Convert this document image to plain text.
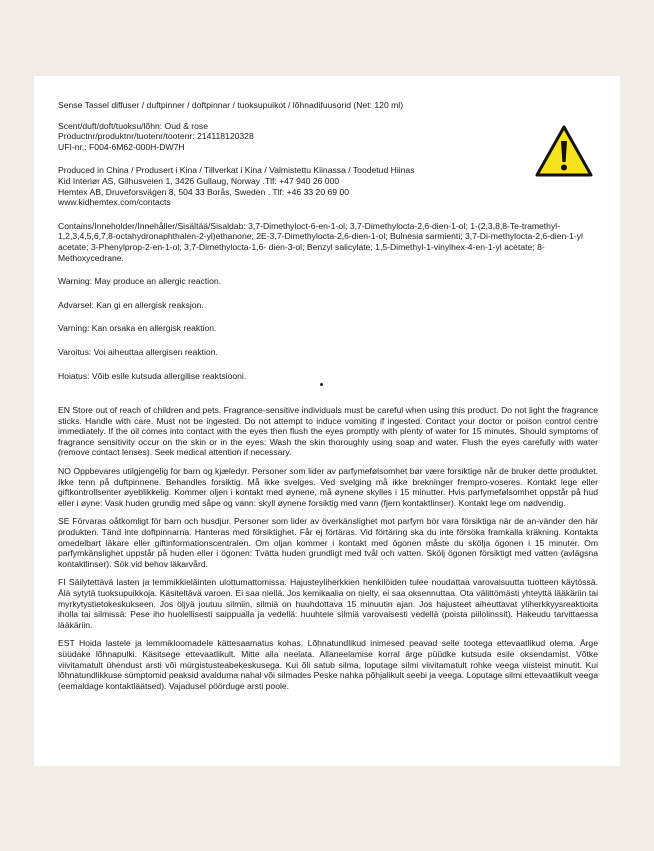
Sense Tassel diffuser / duftpinner / doftpinnar / tuoksupuikot / lõhnadifuusorid (Net: 120 ml)

Scent/duft/doft/tuoksu/lõhn: Oud & rose

Productnr/produktnr/tuotenr/tootenr: 214118120328

UFI-nr.: F004-6M62-000H-DW7H

Produced in China / Produsert i Kina / Tillverkat i Kina / Valmistettu Kiinassa / Toodetud Hiinas

Kid Interiør AS, Gilhusveien 1, 3426 Gullaug, Norway .Tlf: +47 940 26 000

Hemtex AB, Druveforsvägen 8, 504 33 Borås, Sweden . Tlf: +46 33 20 69 00

www.kidhemtex.com/contacts

Contains/Inneholder/Innehåller/Sisältää/Sisaldab: 3,7-Dimethyloct-6-en-1-ol; 3,7-Dimethylocta-2,6-dien-1-ol; 1-(2,3,8,8-Te-tramethyl-1,2,3,4,5,6,7,8-octahydronaphthalen-2-yl)ethanone; 2E-3,7-Dimethylocta-2,6-dien-1-ol; Bulnesia sarmienti; 3,7-Di-methylocta-2,6-dien-1-yl acetate; 3-Phenylprop-2-en-1-ol; 3,7-Dimethylocta-1,6- dien-3-ol; Benzyl salicylate; 1,5-Dimethyl-1-vinylhex-4-en-1-yl acetate; 8-Methoxycedrane.

Warning: May produce an allergic reaction.

Advarsel: Kan gi en allergisk reaksjon.

Varning: Kan orsaka en allergisk reaktion.

Varoitus: Voi aiheuttaa allergisen reaktion.

Hoiatus: Võib esile kutsuda allergilise reaktsiooni.

EN Store out of reach of children and pets. Fragrance-sensitive individuals must be careful when using this product. Do not light the fragrance sticks. Handle with care. Must not be ingested. Do not attempt to induce vomiting if ingested. Contact your doctor or poison control centre immediately. If the oil comes into contact with the eyes then flush the eyes promptly with plenty of water for 15 minutes. Should symptoms of fragrance sensitivity occur on the skin or in the eyes: Wash the skin thoroughly using soap and water. Flush the eyes carefully with water (remove contact lenses). Seek medical attention if necessary.

NO Oppbevares utilgjengelig for barn og kjæledyr. Personer som lider av parfymefølsomhet bør være forsiktige når de bruker dette produktet. Ikke tenn på duftpinnene. Behandles forsiktig. Må ikke svelges. Ved svelging må ikke brekninger frempro-voseres. Kontakt lege eller giftkontrollsenter øyeblikkelig. Kommer oljen i kontakt med øynene, må øynene skylles i 15 minutter. Hvis parfymefølsomhet oppstår på hud eller i øyne: Vask huden grundig med såpe og vann: skyll øynene forsiktig med vann (fjern kontaktlinser). Kontakt lege om nødvendig.

SE Förvaras oåtkomligt för barn och husdjur. Personer som lider av överkänslighet mot parfym bör vara försiktiga när de an-vänder den här produkten. Tänd inte doftpinnarna. Hanteras med försiktighet. Får ej förtäras. Vid förtäring ska du inte försöka framkalla kräkning. Kontakta omedelbart läkare eller giftinformationscentralen. Om oljan kommer i kontakt med ögonen måste du skölja ögonen i 15 minuter. Om parfymkänslighet uppstår på huden eller i ögonen: Tvätta huden grundligt med tvål och vatten. Skölj ögonen försiktigt med vatten (avlägsna kontaktlinser). Sök vid behov läkarvård.

FI Säilytettävä lasten ja lemmikkieläinten ulottumattomissa. Hajusteyliherkkien henkilöiden tulee noudattaa varovaisuutta tuotteen käytössä. Älä sytytä tuoksupuikkoja. Käsiteltävä varoen. Ei saa niellä. Jos kemikaalia on nielty, ei saa oksennuttaa. Ota välittömästi yhteyttä lääkäriin tai myrkytystietokeskukseen. Jos öljyä joutuu silmiin, silmiä on huuhdottava 15 minuutin ajan. Jos hajusteet aiheuttavat yliherkkyysreaktioita iholla tai silmissä: Pese iho huolellisesti saippualla ja vedellä: huuhtele silmiä varovaisesti vedellä (poista piilolinssit). Hakeudu tarvittaessa lääkäriin.

EST Hoida lastele ja lemmikloomadele kättesaamatus kohas. Lõhnatundlikud inimesed peavad selle tootega ettevaatlikud olema. Ärge süüdake lõhnapulki. Käsitsege ettevaatlikult. Mitte alla neelata. Allaneelamise korral ärge püüdke kutsuda esile oksendamist. Võtke viivitamatult ühendust arsti või mürgistusteabekeskusega. Kui õli satub silma, loputage silmi viivitamatult rohke veega viisteist minutit. Kui lõhnatundlikkuse sümptomid peaksid avalduma nahal või silmades Peske nahka põhjalikult seebi ja veega. Loputage silmi ettevaatlikult veega (eemaldage kontaktläätsed). Vajadusel pöörduge arsti poole.
